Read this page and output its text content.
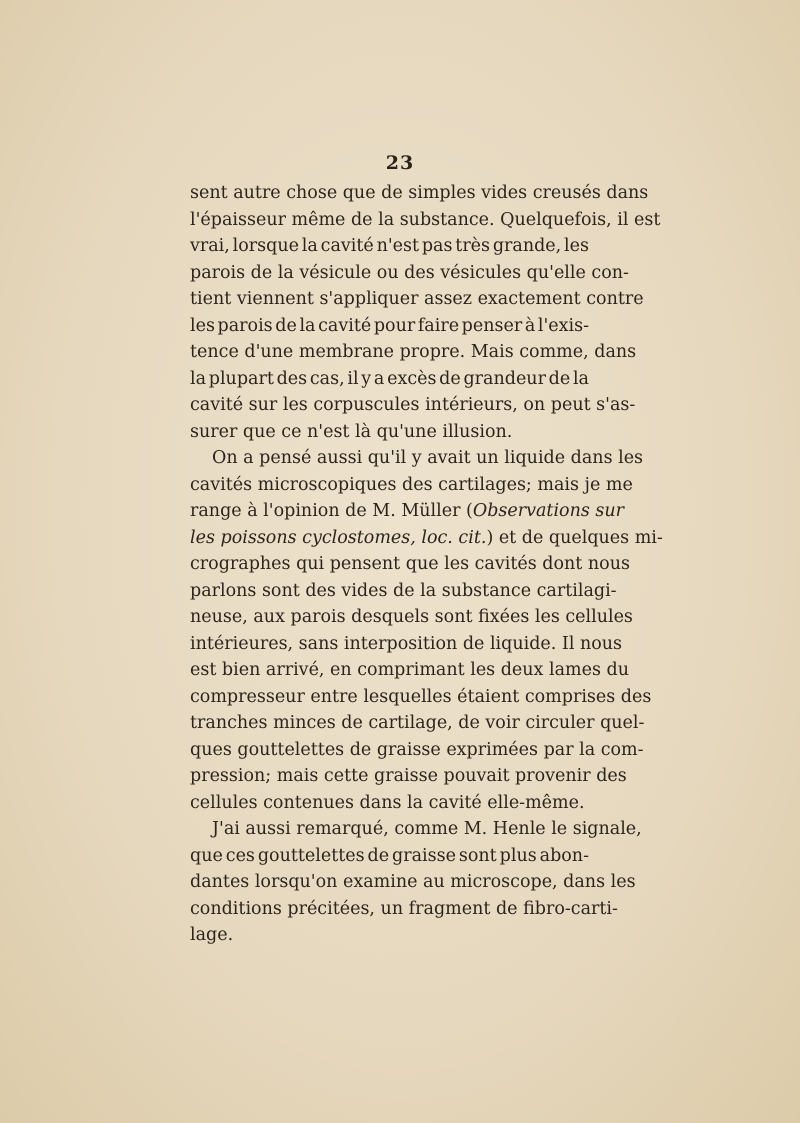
23
sent autre chose que de simples vides creusés dans
l'épaisseur même de la substance. Quelquefois, il est
vrai, lorsque la cavité n'est pas très grande, les
parois de la vésicule ou des vésicules qu'elle con-
tient viennent s'appliquer assez exactement contre
les parois de la cavité pour faire penser à l'exis-
tence d'une membrane propre. Mais comme, dans
la plupart des cas, il y a excès de grandeur de la
cavité sur les corpuscules intérieurs, on peut s'as-
surer que ce n'est là qu'une illusion.
On a pensé aussi qu'il y avait un liquide dans les
cavités microscopiques des cartilages; mais je me
range à l'opinion de M. Müller (Observations sur
les poissons cyclostomes, loc. cit.) et de quelques mi-
crographes qui pensent que les cavités dont nous
parlons sont des vides de la substance cartilagi-
neuse, aux parois desquels sont fixées les cellules
intérieures, sans interposition de liquide. Il nous
est bien arrivé, en comprimant les deux lames du
compresseur entre lesquelles étaient comprises des
tranches minces de cartilage, de voir circuler quel-
ques gouttelettes de graisse exprimées par la com-
pression; mais cette graisse pouvait provenir des
cellules contenues dans la cavité elle-même.
J'ai aussi remarqué, comme M. Henle le signale,
que ces gouttelettes de graisse sont plus abon-
dantes lorsqu'on examine au microscope, dans les
conditions précitées, un fragment de fibro-carti-
lage.
